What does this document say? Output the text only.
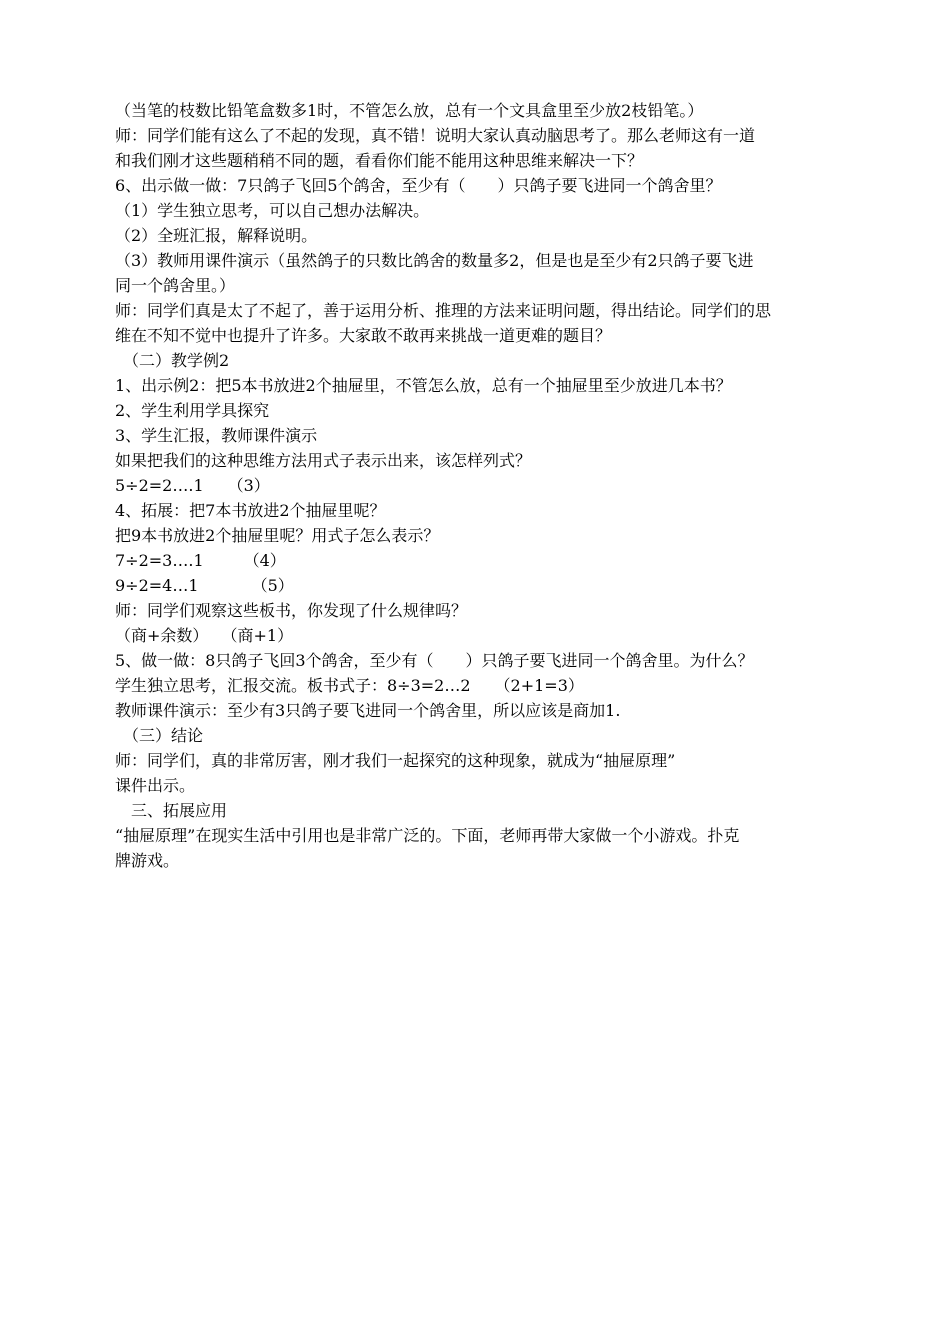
（当笔的枝数比铅笔盒数多1时，不管怎么放，总有一个文具盒里至少放2枝铅笔。）
师：同学们能有这么了不起的发现，真不错！说明大家认真动脑思考了。那么老师这有一道
和我们刚才这些题稍稍不同的题，看看你们能不能用这种思维来解决一下？
6、出示做一做：7只鸽子飞回5个鸽舍，至少有（　　）只鸽子要飞进同一个鸽舍里？
（1）学生独立思考，可以自己想办法解决。
（2）全班汇报，解释说明。
（3）教师用课件演示（虽然鸽子的只数比鸽舍的数量多2，但是也是至少有2只鸽子要飞进
同一个鸽舍里。）
师：同学们真是太了不起了，善于运用分析、推理的方法来证明问题，得出结论。同学们的思
维在不知不觉中也提升了许多。大家敢不敢再来挑战一道更难的题目？
　（二）教学例2
1、出示例2：把5本书放进2个抽屉里，不管怎么放，总有一个抽屉里至少放进几本书？
2、学生利用学具探究
3、学生汇报，教师课件演示
如果把我们的这种思维方法用式子表示出来，该怎样列式？
5÷2=2….1　　（3）
4、拓展：把7本书放进2个抽屉里呢？
把9本书放进2个抽屉里呢？用式子怎么表示？
7÷2=3….1　　　（4）
9÷2=4…1　　　 （5）
师：同学们观察这些板书，你发现了什么规律吗？
（商+余数）　 （商+1）
5、做一做：8只鸽子飞回3个鸽舍，至少有（　　）只鸽子要飞进同一个鸽舍里。为什么？
学生独立思考，汇报交流。板书式子：8÷3=2…2　　（2+1=3）
教师课件演示：至少有3只鸽子要飞进同一个鸽舍里，所以应该是商加1.
　（三）结论
师：同学们，真的非常厉害，刚才我们一起探究的这种现象，就成为“抽屉原理”
课件出示。
　三、拓展应用
“抽屉原理”在现实生活中引用也是非常广泛的。下面，老师再带大家做一个小游戏。扑克
牌游戏。
